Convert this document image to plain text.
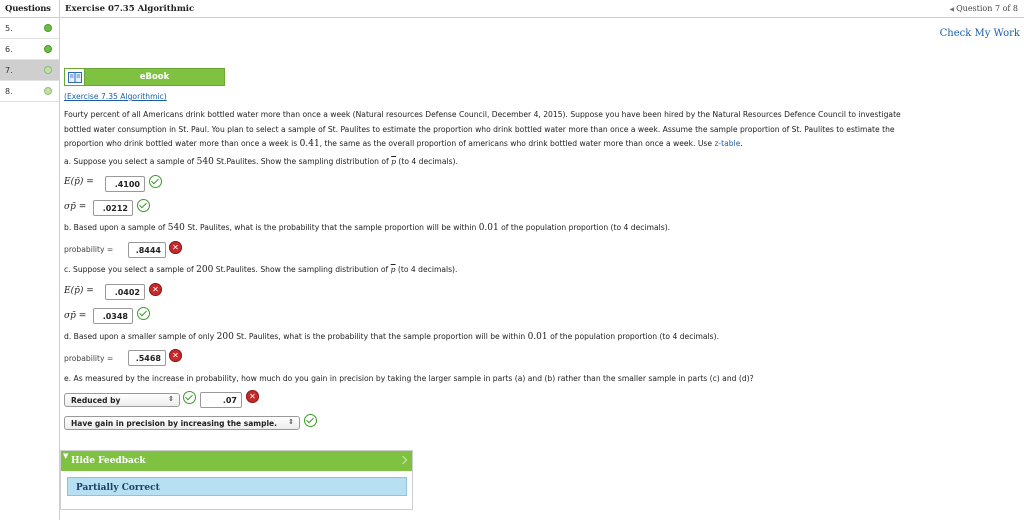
Questions
5.
6.
7.
8.
Exercise 07.35 Algorithmic	◀ Question 7 of 8
Check My Work
eBook
(Exercise 7.35 Algorithmic)
Fourty percent of all Americans drink bottled water more than once a week (Natural resources Defense Council, December 4, 2015). Suppose you have been hired by the Natural Resources Defence Council to investigate
bottled water consumption in St. Paul. You plan to select a sample of St. Paulites to estimate the proportion who drink bottled water more than once a week. Assume the sample proportion of St. Paulites to estimate the
proportion who drink bottled water more than once a week is 0.41, the same as the overall proportion of americans who drink bottled water more than once a week. Use z-table.
a. Suppose you select a sample of 540 St.Paulites. Show the sampling distribution of $\overline{p}$ (to 4 decimals).
E(p̄) =	.4100
σp̄ =	.0212
b. Based upon a sample of 540 St. Paulites, what is the probability that the sample proportion will be within 0.01 of the population proportion (to 4 decimals).
probability =	.8444	✕
c. Suppose you select a sample of 200 St.Paulites. Show the sampling distribution of $\overline{p}$ (to 4 decimals).
E(p̄) =	.0402	✕
σp̄ =	.0348
d. Based upon a smaller sample of only 200 St. Paulites, what is the probability that the sample proportion will be within 0.01 of the population proportion (to 4 decimals).
probability =	.5468	✕
e. As measured by the increase in probability, how much do you gain in precision by taking the larger sample in parts (a) and (b) rather than the smaller sample in parts (c) and (d)?
Reduced by	⇕	.07	✕
Have gain in precision by increasing the sample. ⇕
▼ Hide Feedback
Partially Correct
